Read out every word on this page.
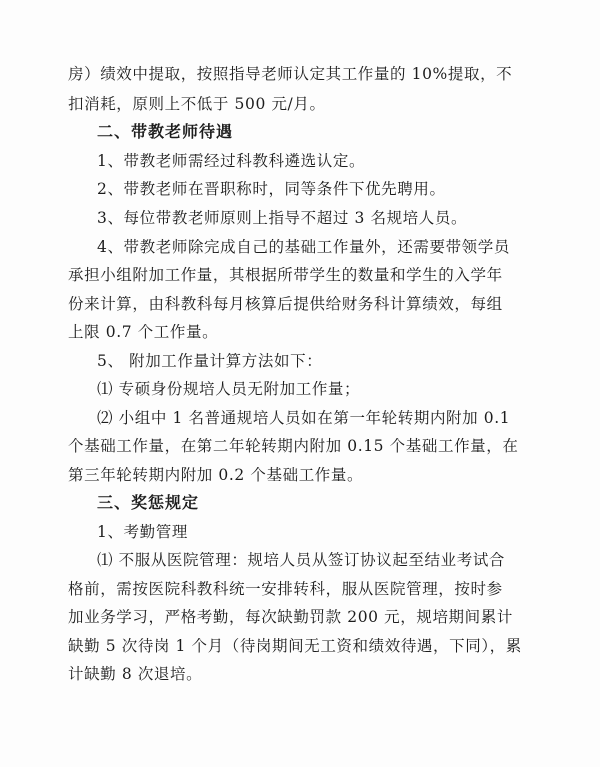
房）绩效中提取，按照指导老师认定其工作量的 10%提取，不
扣消耗，原则上不低于 500 元/月。
二、带教老师待遇
1、带教老师需经过科教科遴选认定。
2、带教老师在晋职称时，同等条件下优先聘用。
3、每位带教老师原则上指导不超过 3 名规培人员。
4、带教老师除完成自己的基础工作量外，还需要带领学员
承担小组附加工作量，其根据所带学生的数量和学生的入学年
份来计算，由科教科每月核算后提供给财务科计算绩效，每组
上限 0.7 个工作量。
5、 附加工作量计算方法如下：
⑴ 专硕身份规培人员无附加工作量；
⑵ 小组中 1 名普通规培人员如在第一年轮转期内附加 0.1
个基础工作量，在第二年轮转期内附加 0.15 个基础工作量，在
第三年轮转期内附加 0.2 个基础工作量。
三、奖惩规定
1、考勤管理
⑴ 不服从医院管理：规培人员从签订协议起至结业考试合
格前，需按医院科教科统一安排转科，服从医院管理，按时参
加业务学习，严格考勤，每次缺勤罚款 200 元，规培期间累计
缺勤 5 次待岗 1 个月（待岗期间无工资和绩效待遇，下同），累
计缺勤 8 次退培。
